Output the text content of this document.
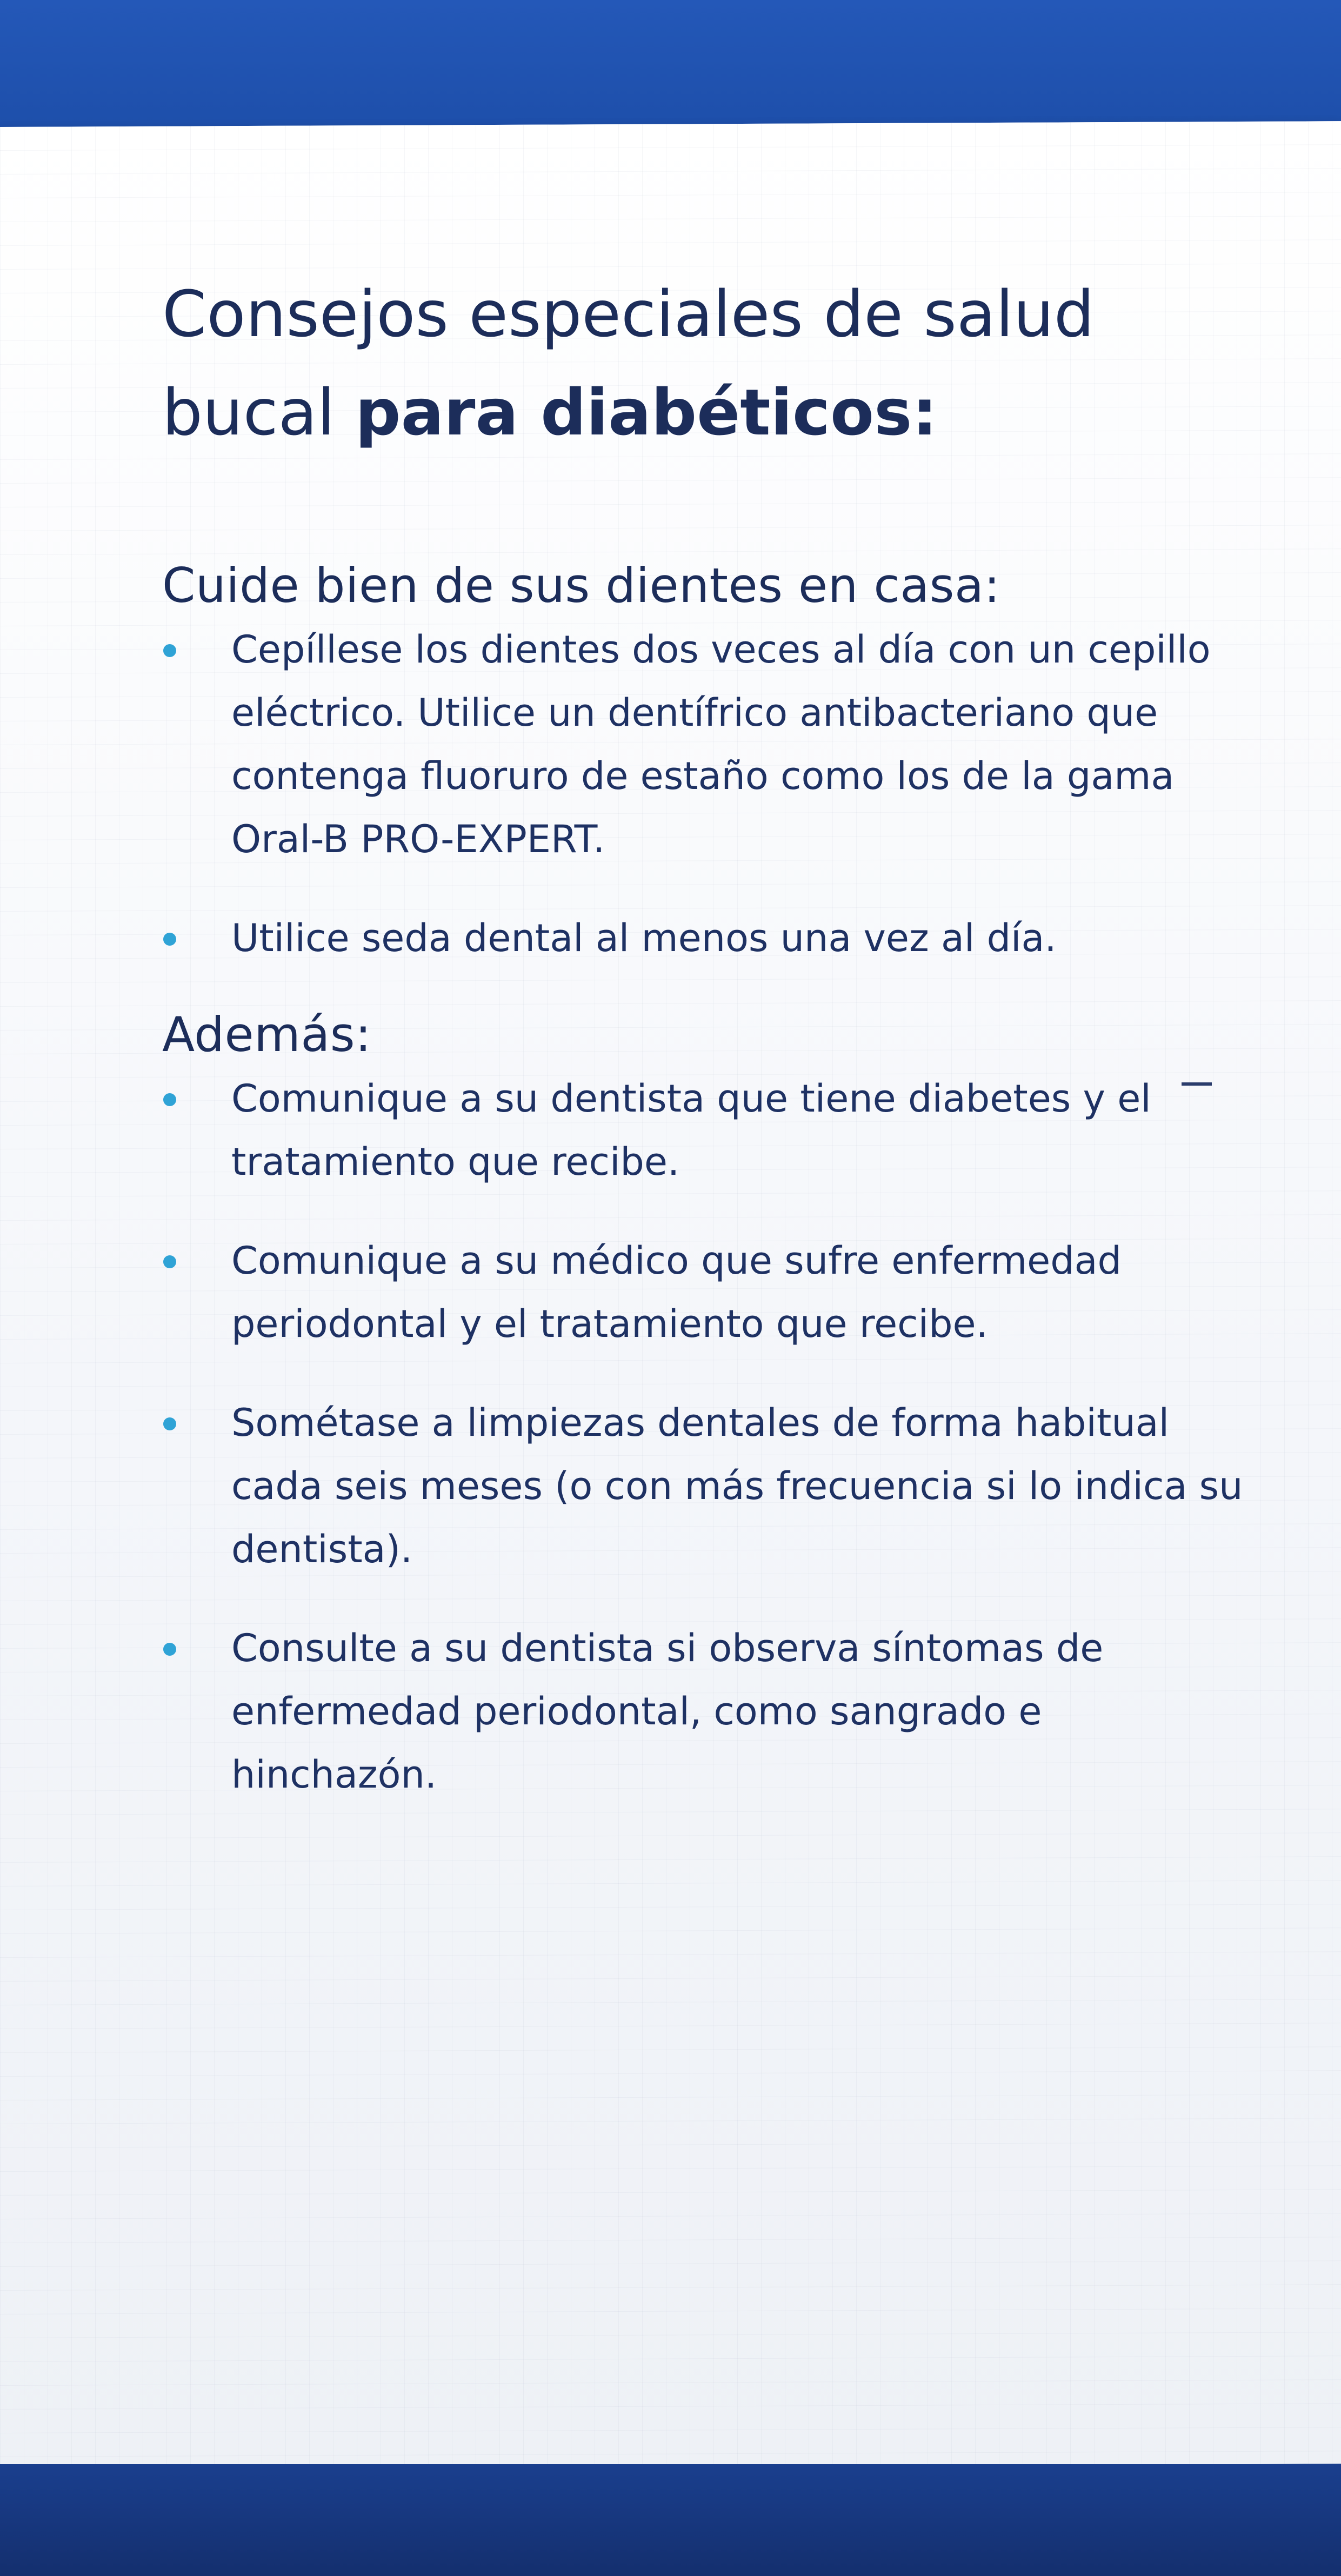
Consejos especiales de salud
bucal para diabéticos:
Cuide bien de sus dientes en casa:
Cepíllese los dientes dos veces al día con un cepillo eléctrico. Utilice un dentífrico antibacteriano que contenga fluoruro de estaño como los de la gama Oral-B PRO-EXPERT.
Utilice seda dental al menos una vez al día.
Además:
Comunique a su dentista que tiene diabetes y el tratamiento que recibe.
Comunique a su médico que sufre enfermedad periodontal y el tratamiento que recibe.
Sométase a limpiezas dentales de forma habitual cada seis meses (o con más frecuencia si lo indica su dentista).
Consulte a su dentista si observa síntomas de enfermedad periodontal, como sangrado e hinchazón.
